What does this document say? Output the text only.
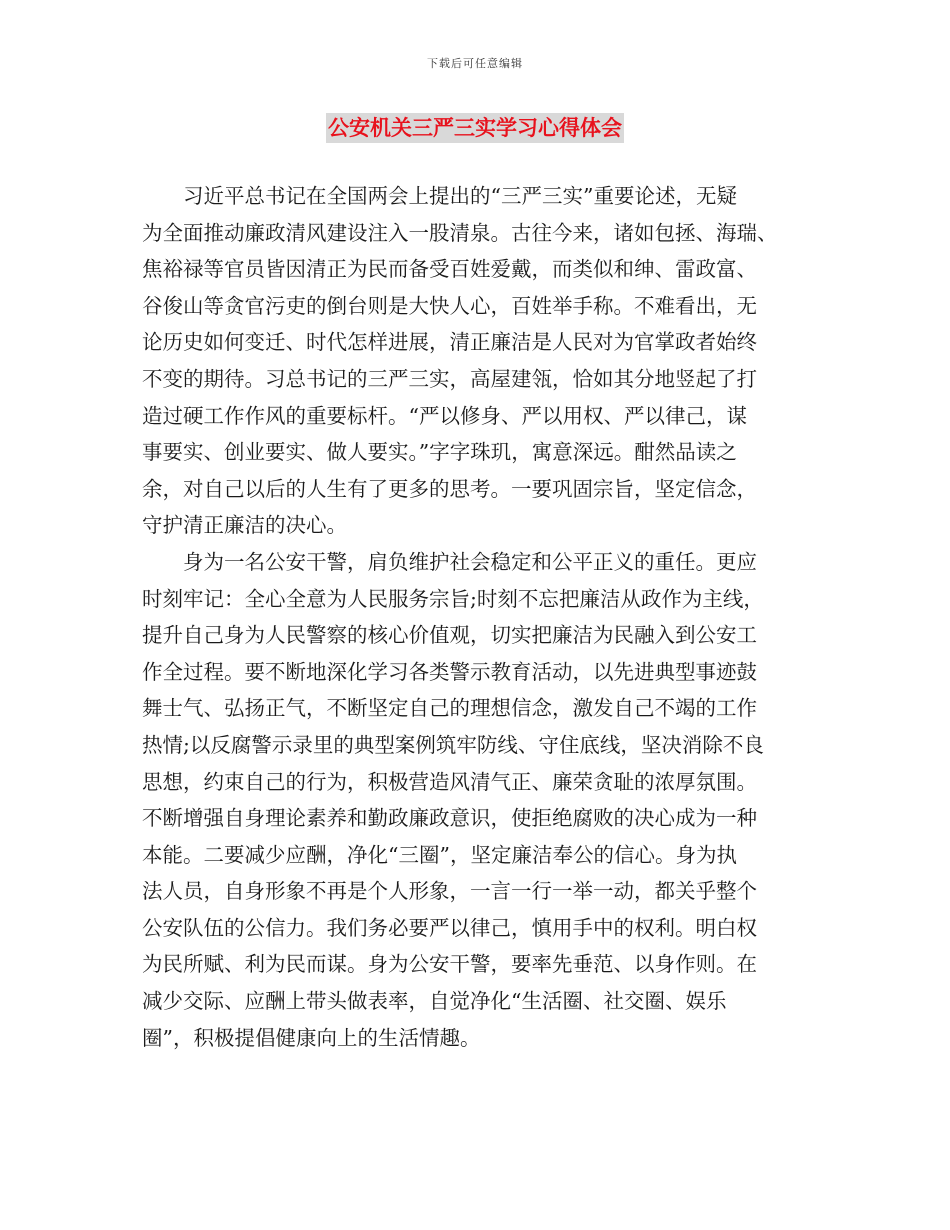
下载后可任意编辑
公安机关三严三实学习心得体会
习近平总书记在全国两会上提出的“三严三实”重要论述，无疑
为全面推动廉政清风建设注入一股清泉。古往今来，诸如包拯、海瑞、
焦裕禄等官员皆因清正为民而备受百姓爱戴，而类似和绅、雷政富、
谷俊山等贪官污吏的倒台则是大快人心，百姓举手称。不难看出，无
论历史如何变迁、时代怎样进展，清正廉洁是人民对为官掌政者始终
不变的期待。习总书记的三严三实，高屋建瓴，恰如其分地竖起了打
造过硬工作作风的重要标杆。“严以修身、严以用权、严以律己，谋
事要实、创业要实、做人要实。”字字珠玑，寓意深远。酣然品读之
余，对自己以后的人生有了更多的思考。一要巩固宗旨，坚定信念，
守护清正廉洁的决心。
身为一名公安干警，肩负维护社会稳定和公平正义的重任。更应
时刻牢记：全心全意为人民服务宗旨;时刻不忘把廉洁从政作为主线，
提升自己身为人民警察的核心价值观，切实把廉洁为民融入到公安工
作全过程。要不断地深化学习各类警示教育活动，以先进典型事迹鼓
舞士气、弘扬正气，不断坚定自己的理想信念，激发自己不竭的工作
热情;以反腐警示录里的典型案例筑牢防线、守住底线，坚决消除不良
思想，约束自己的行为，积极营造风清气正、廉荣贪耻的浓厚氛围。
不断增强自身理论素养和勤政廉政意识，使拒绝腐败的决心成为一种
本能。二要减少应酬，净化“三圈”，坚定廉洁奉公的信心。身为执
法人员，自身形象不再是个人形象，一言一行一举一动，都关乎整个
公安队伍的公信力。我们务必要严以律己，慎用手中的权利。明白权
为民所赋、利为民而谋。身为公安干警，要率先垂范、以身作则。在
减少交际、应酬上带头做表率，自觉净化“生活圈、社交圈、娱乐
圈”，积极提倡健康向上的生活情趣。
